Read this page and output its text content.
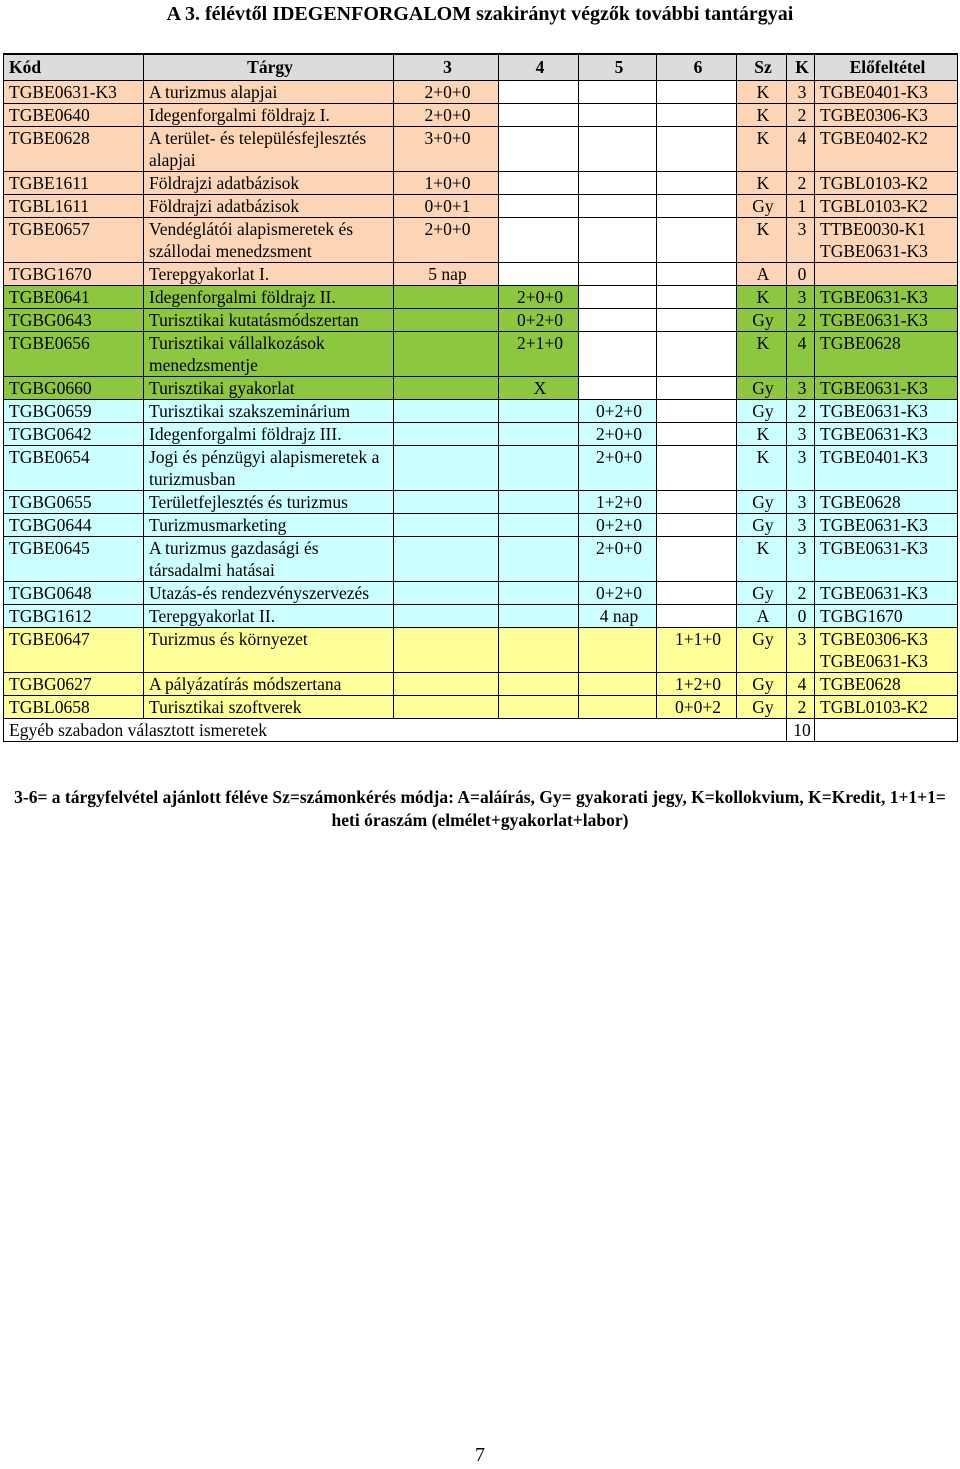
A 3. félévtől IDEGENFORGALOM szakirányt végzők további tantárgyai
Kód	Tárgy	3	4	5	6	Sz	K	Előfeltétel
TGBE0631-K3	A turizmus alapjai	2+0+0				K	3	TGBE0401-K3
TGBE0640	Idegenforgalmi földrajz I.	2+0+0				K	2	TGBE0306-K3
TGBE0628	A terület- és településfejlesztés alapjai	3+0+0				K	4	TGBE0402-K2
TGBE1611	Földrajzi adatbázisok	1+0+0				K	2	TGBL0103-K2
TGBL1611	Földrajzi adatbázisok	0+0+1				Gy	1	TGBL0103-K2
TGBE0657	Vendéglátói alapismeretek és szállodai menedzsment	2+0+0				K	3	TTBE0030-K1 TGBE0631-K3
TGBG1670	Terepgyakorlat I.	5 nap				A	0	
TGBE0641	Idegenforgalmi földrajz II.		2+0+0			K	3	TGBE0631-K3
TGBG0643	Turisztikai kutatásmódszertan		0+2+0			Gy	2	TGBE0631-K3
TGBE0656	Turisztikai vállalkozások menedzsmentje		2+1+0			K	4	TGBE0628
TGBG0660	Turisztikai gyakorlat		X			Gy	3	TGBE0631-K3
TGBG0659	Turisztikai szakszeminárium			0+2+0		Gy	2	TGBE0631-K3
TGBG0642	Idegenforgalmi földrajz III.			2+0+0		K	3	TGBE0631-K3
TGBE0654	Jogi és pénzügyi alapismeretek a turizmusban			2+0+0		K	3	TGBE0401-K3
TGBG0655	Területfejlesztés és turizmus			1+2+0		Gy	3	TGBE0628
TGBG0644	Turizmusmarketing			0+2+0		Gy	3	TGBE0631-K3
TGBE0645	A turizmus gazdasági és társadalmi hatásai			2+0+0		K	3	TGBE0631-K3
TGBG0648	Utazás-és rendezvényszervezés			0+2+0		Gy	2	TGBE0631-K3
TGBG1612	Terepgyakorlat II.			4 nap		A	0	TGBG1670
TGBE0647	Turizmus és környezet				1+1+0	Gy	3	TGBE0306-K3 TGBE0631-K3
TGBG0627	A pályázatírás módszertana				1+2+0	Gy	4	TGBE0628
TGBL0658	Turisztikai szoftverek				0+0+2	Gy	2	TGBL0103-K2
Egyéb szabadon választott ismeretek							10	
3-6= a tárgyfelvétel ajánlott féléve Sz=számonkérés módja: A=aláírás, Gy= gyakorati jegy, K=kollokvium, K=Kredit, 1+1+1= heti óraszám (elmélet+gyakorlat+labor)
7
